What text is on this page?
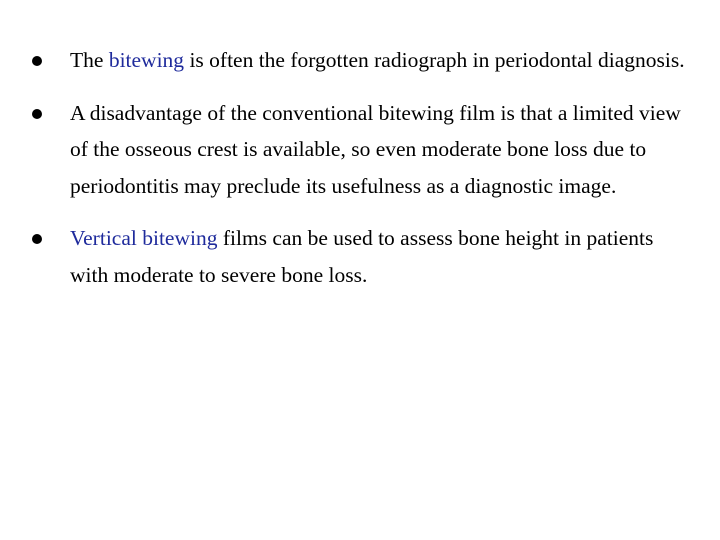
The bitewing is often the forgotten radiograph in periodontal diagnosis.
A disadvantage of the conventional bitewing film is that a limited view of the osseous crest is available, so even moderate bone loss due to periodontitis may preclude its usefulness as a diagnostic image.
Vertical bitewing films can be used to assess bone height in patients with moderate to severe bone loss.
